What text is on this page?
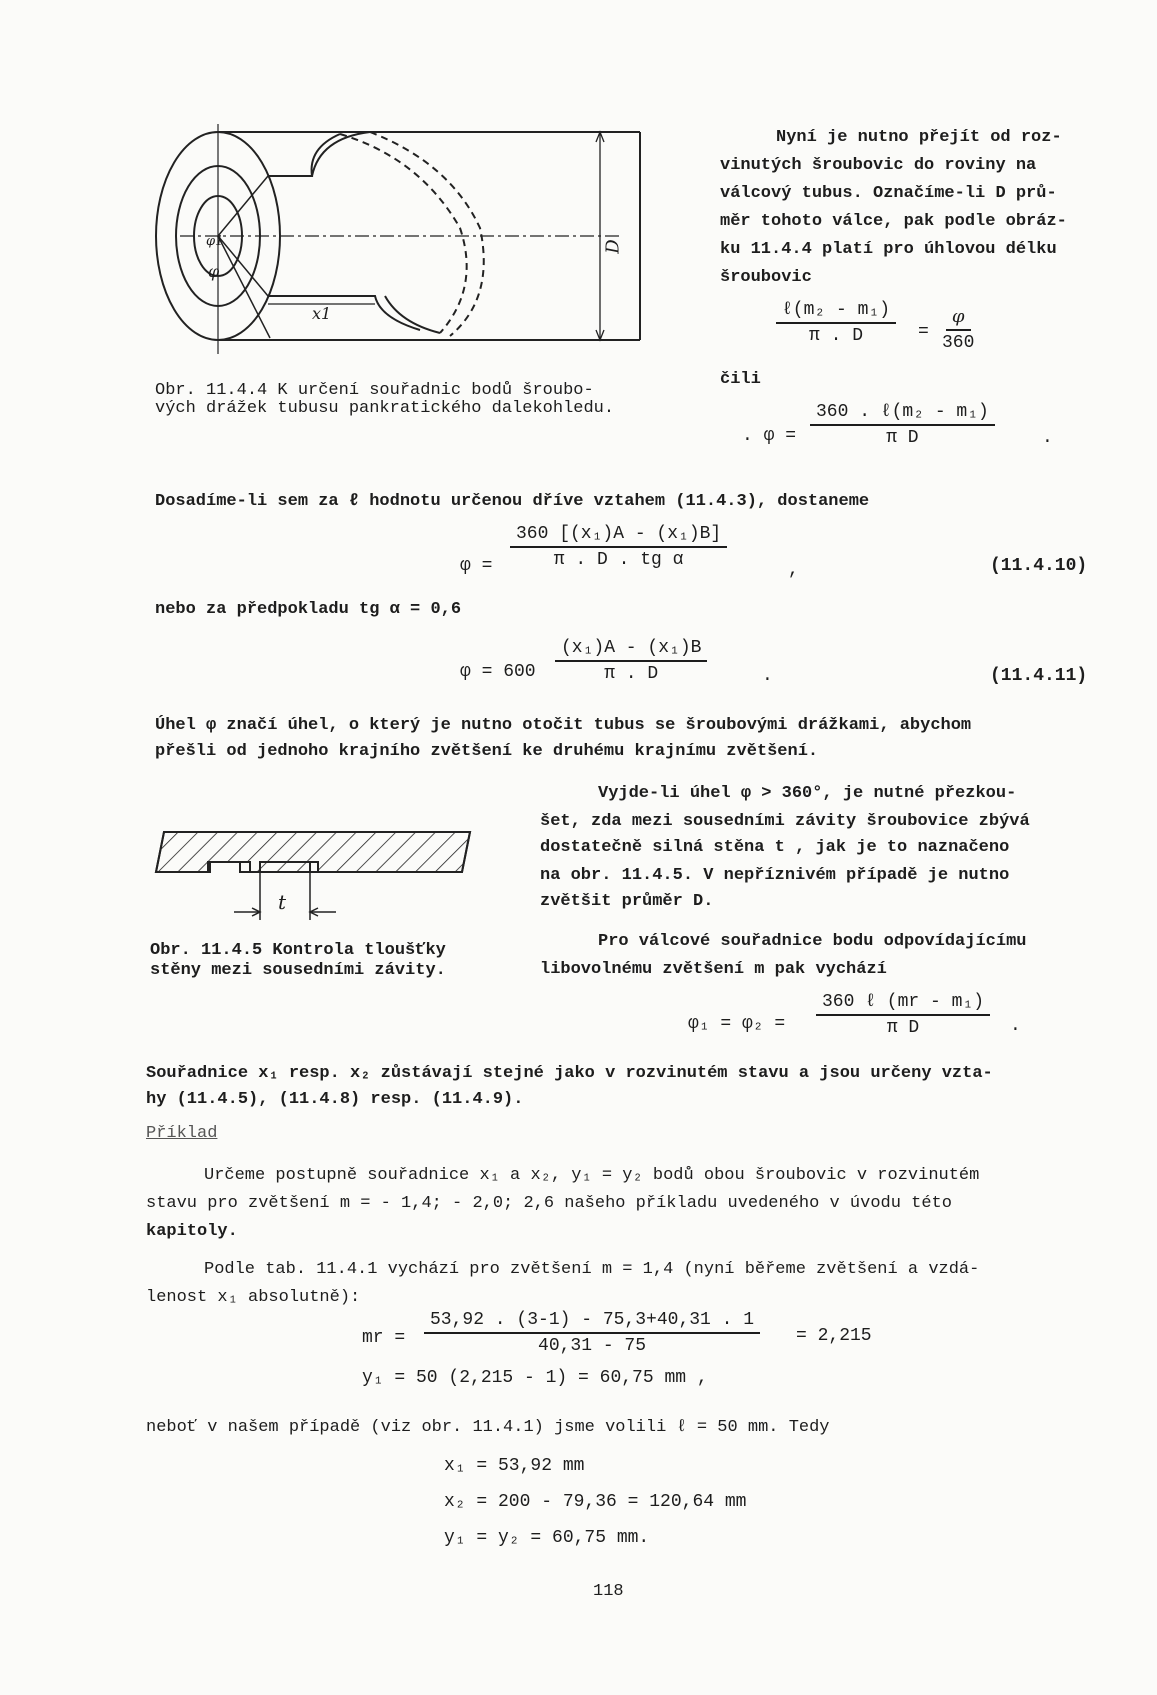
D
x1
φ
φ1
Obr. 11.4.4 K určení souřadnic bodů šroubo-
vých drážek tubusu pankratického dalekohledu.
Nyní je nutno přejít od roz-
vinutých šroubovic do roviny na
válcový tubus. Označíme-li D prů-
měr tohoto válce, pak podle obráz-
ku 11.4.4 platí pro úhlovou délku
šroubovic
ℓ(m₂ - m₁)
π . D	= $\frac{\varphi}{360}$
čili
. φ =
360 . ℓ(m₂ - m₁)
π D	.
Dosadíme-li sem za ℓ hodnotu určenou dříve vztahem (11.4.3), dostaneme
$\varphi = \frac{\text{360 [(x₁)A - (x₁)B]}}{\text{π . D . tg α}}$	,	(11.4.10)
nebo za předpokladu tg α = 0,6
$\varphi = 600 \frac{\text{(x₁)A - (x₁)B}}{\pi . D}$	.	(11.4.11)
Úhel φ značí úhel, o který je nutno otočit tubus se šroubovými drážkami, abychom
přešli od jednoho krajního zvětšení ke druhému krajnímu zvětšení.
Vyjde-li úhel φ > 360°, je nutné přezkou-
šet, zda mezi sousedními závity šroubovice zbývá
dostatečně silná stěna t , jak je to naznačeno
na obr. 11.4.5. V nepříznivém případě je nutno
zvětšit průměr D.
t
Obr. 11.4.5 Kontrola tloušťky
stěny mezi sousedními závity.
Pro válcové souřadnice bodu odpovídajícímu
libovolnému zvětšení m pak vychází
φ₁ = φ₂ =
360 ℓ (mr - m₁)
π D	.
Souřadnice x₁ resp. x₂ zůstávají stejné jako v rozvinutém stavu a jsou určeny vzta-
hy (11.4.5), (11.4.8) resp. (11.4.9).
Příklad
Určeme postupně souřadnice x₁ a x₂, y₁ = y₂ bodů obou šroubovic v rozvinutém
stavu pro zvětšení m = - 1,4; - 2,0; 2,6 našeho příkladu uvedeného v úvodu této
kapitoly.
Podle tab. 11.4.1 vychází pro zvětšení m = 1,4 (nyní běřeme zvětšení a vzdá-
lenost x₁ absolutně):
mr = $\frac{53,92 . (3-1) - 75,3+40,31 . 1}{40,31 - 75} = 2,215$
y₁ = 50 (2,215 - 1) = 60,75 mm ,
neboť v našem případě (viz obr. 11.4.1) jsme volili ℓ = 50 mm. Tedy
x₁ = 53,92 mm
x₂ = 200 - 79,36 = 120,64 mm
y₁ = y₂ = 60,75 mm.
118
